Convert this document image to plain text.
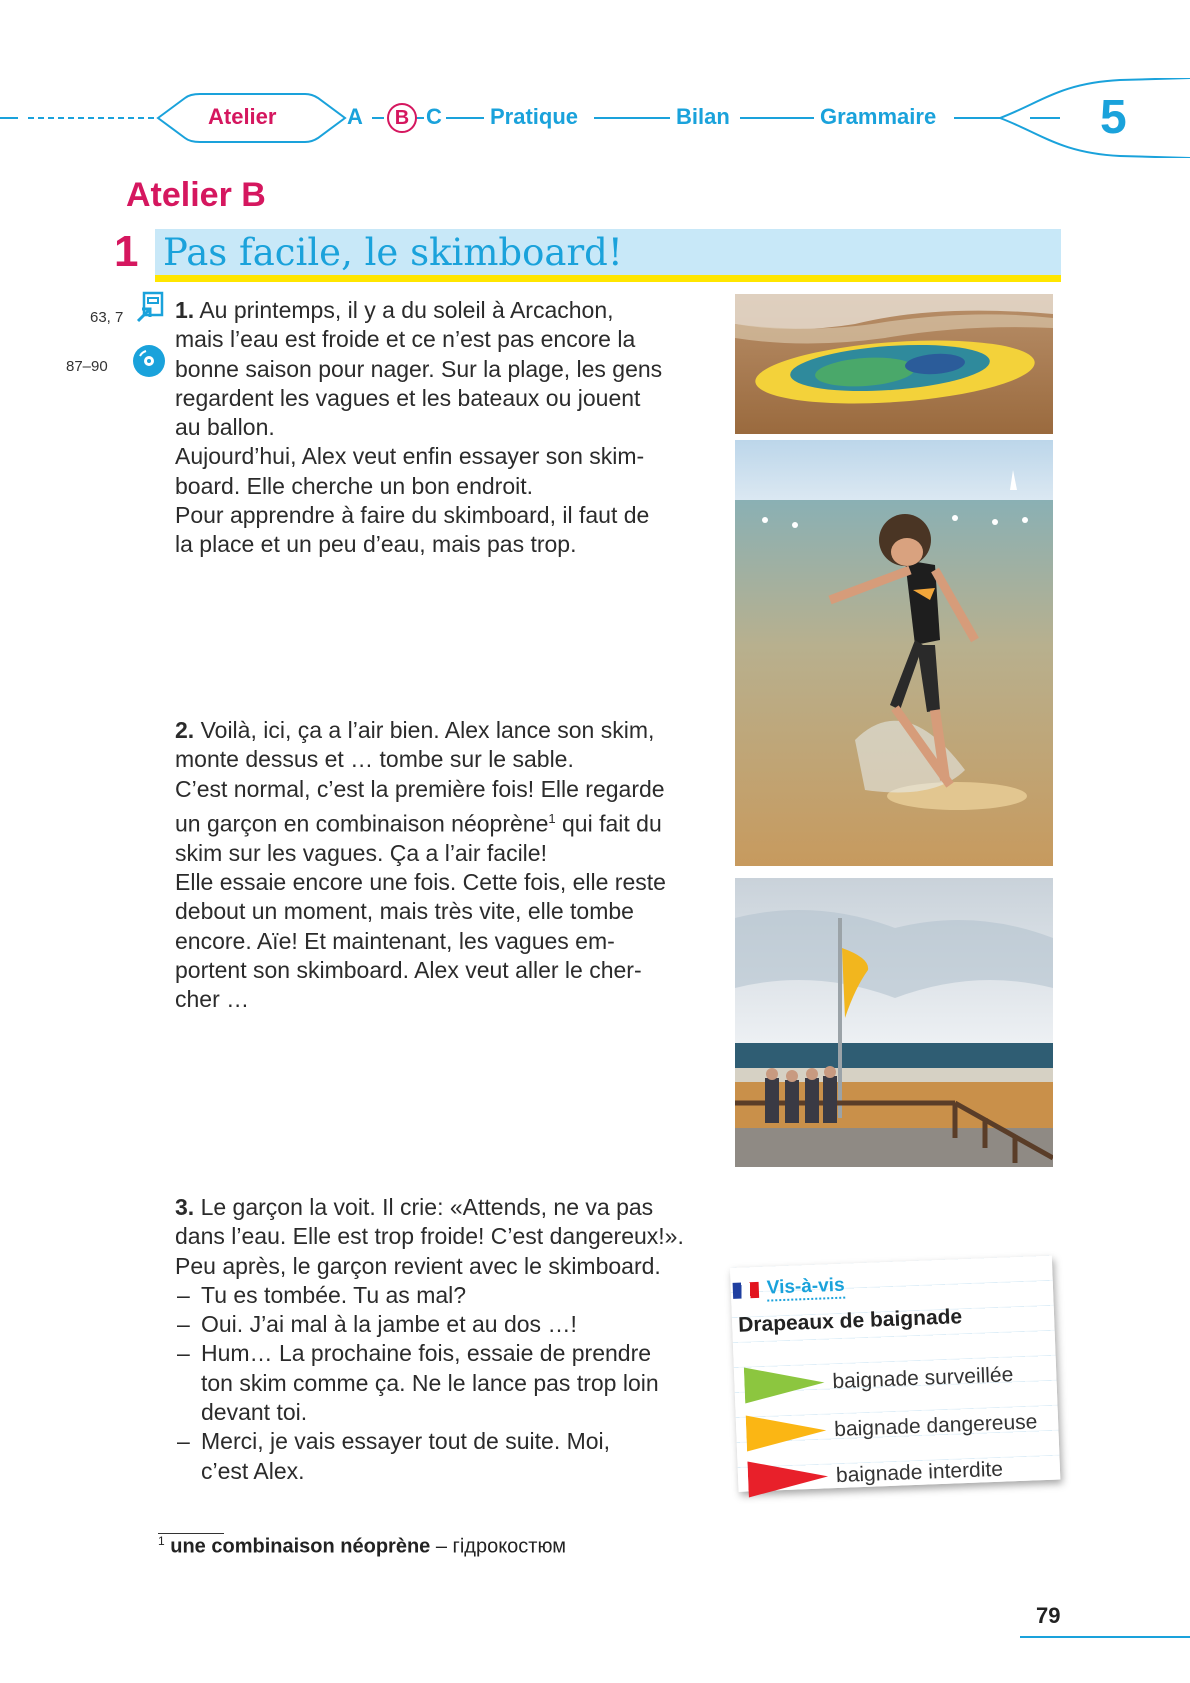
Atelier	A	B C Pratique	Bilan	Grammaire	5
Atelier B
1 Pas facile, le skimboard!
63, 7
87–90

1. Au printemps, il y a du soleil à Arcachon,

mais l’eau est froide et ce n’est pas encore la

bonne saison pour nager. Sur la plage, les gens

regardent les vagues et les bateaux ou jouent

au ballon.

Aujourd’hui, Alex veut enfin essayer son skim-

board. Elle cherche un bon endroit.

Pour apprendre à faire du skimboard, il faut de

la place et un peu d’eau, mais pas trop.

2. Voilà, ici, ça a l’air bien. Alex lance son skim,

monte dessus et … tombe sur le sable.

C’est normal, c’est la première fois! Elle regarde

un garçon en combinaison néoprène$^1$ qui fait du

skim sur les vagues. Ça a l’air facile!

Elle essaie encore une fois. Cette fois, elle reste

debout un moment, mais très vite, elle tombe

encore. Aïe! Et maintenant, les vagues em-

portent son skimboard. Alex veut aller le cher-

cher …

3. Le garçon la voit. Il crie: «Attends, ne va pas

dans l’eau. Elle est trop froide! C’est dangereux!».

Peu après, le garçon revient avec le skimboard.

– Tu es tombée. Tu as mal?
– Oui. J’ai mal à la jambe et au dos …!
– Hum… La prochaine fois, essaie de prendre
ton skim comme ça. Ne le lance pas trop loin
devant toi.
– Merci, je vais essayer tout de suite. Moi,
c’est Alex.
Vis-à-vis
Drapeaux de baignade
baignade surveillée
baignade dangereuse
baignade interdite
$^1$ une combinaison néoprène – гідрокостюм
79
